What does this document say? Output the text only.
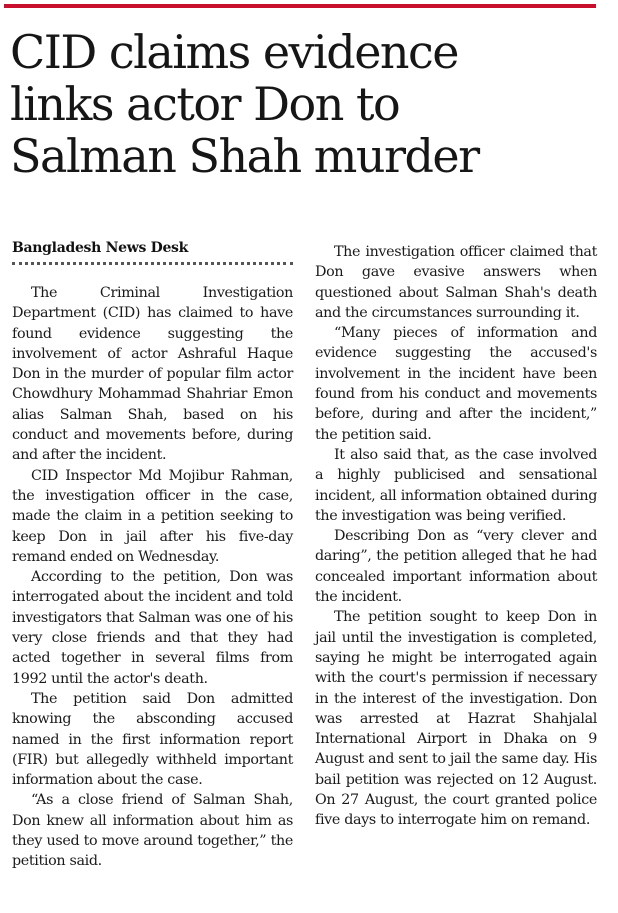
CID claims evidence
links actor Don to
Salman Shah murder
Bangladesh News Desk

The Criminal Investigation Department (CID) has claimed to have found evidence suggesting the involvement of actor Ashraful Haque Don in the murder of popular film actor Chowdhury Mohammad Shahriar Emon alias Salman Shah, based on his conduct and movements before, during and after the incident.

CID Inspector Md Mojibur Rahman, the investigation officer in the case, made the claim in a petition seeking to keep Don in jail after his five-day remand ended on Wednesday.

According to the petition, Don was interrogated about the incident and told investigators that Salman was one of his very close friends and that they had acted together in several films from 1992 until the actor's death.

The petition said Don admitted knowing the absconding accused named in the first information report (FIR) but allegedly withheld important information about the case.

“As a close friend of Salman Shah, Don knew all information about him as they used to move around together,” the petition said.

The investigation officer claimed that Don gave evasive answers when questioned about Salman Shah's death and the circumstances surrounding it.

“Many pieces of information and evidence suggesting the accused's involvement in the incident have been found from his conduct and movements before, during and after the incident,” the petition said.

It also said that, as the case involved a highly publicised and sensational incident, all information obtained during the investigation was being verified.

Describing Don as “very clever and daring”, the petition alleged that he had concealed important information about the incident.

The petition sought to keep Don in jail until the investigation is completed, saying he might be interrogated again with the court's permission if necessary in the interest of the investigation. Don was arrested at Hazrat Shahjalal International Airport in Dhaka on 9 August and sent to jail the same day. His bail petition was rejected on 12 August. On 27 August, the court granted police five days to interrogate him on remand.
